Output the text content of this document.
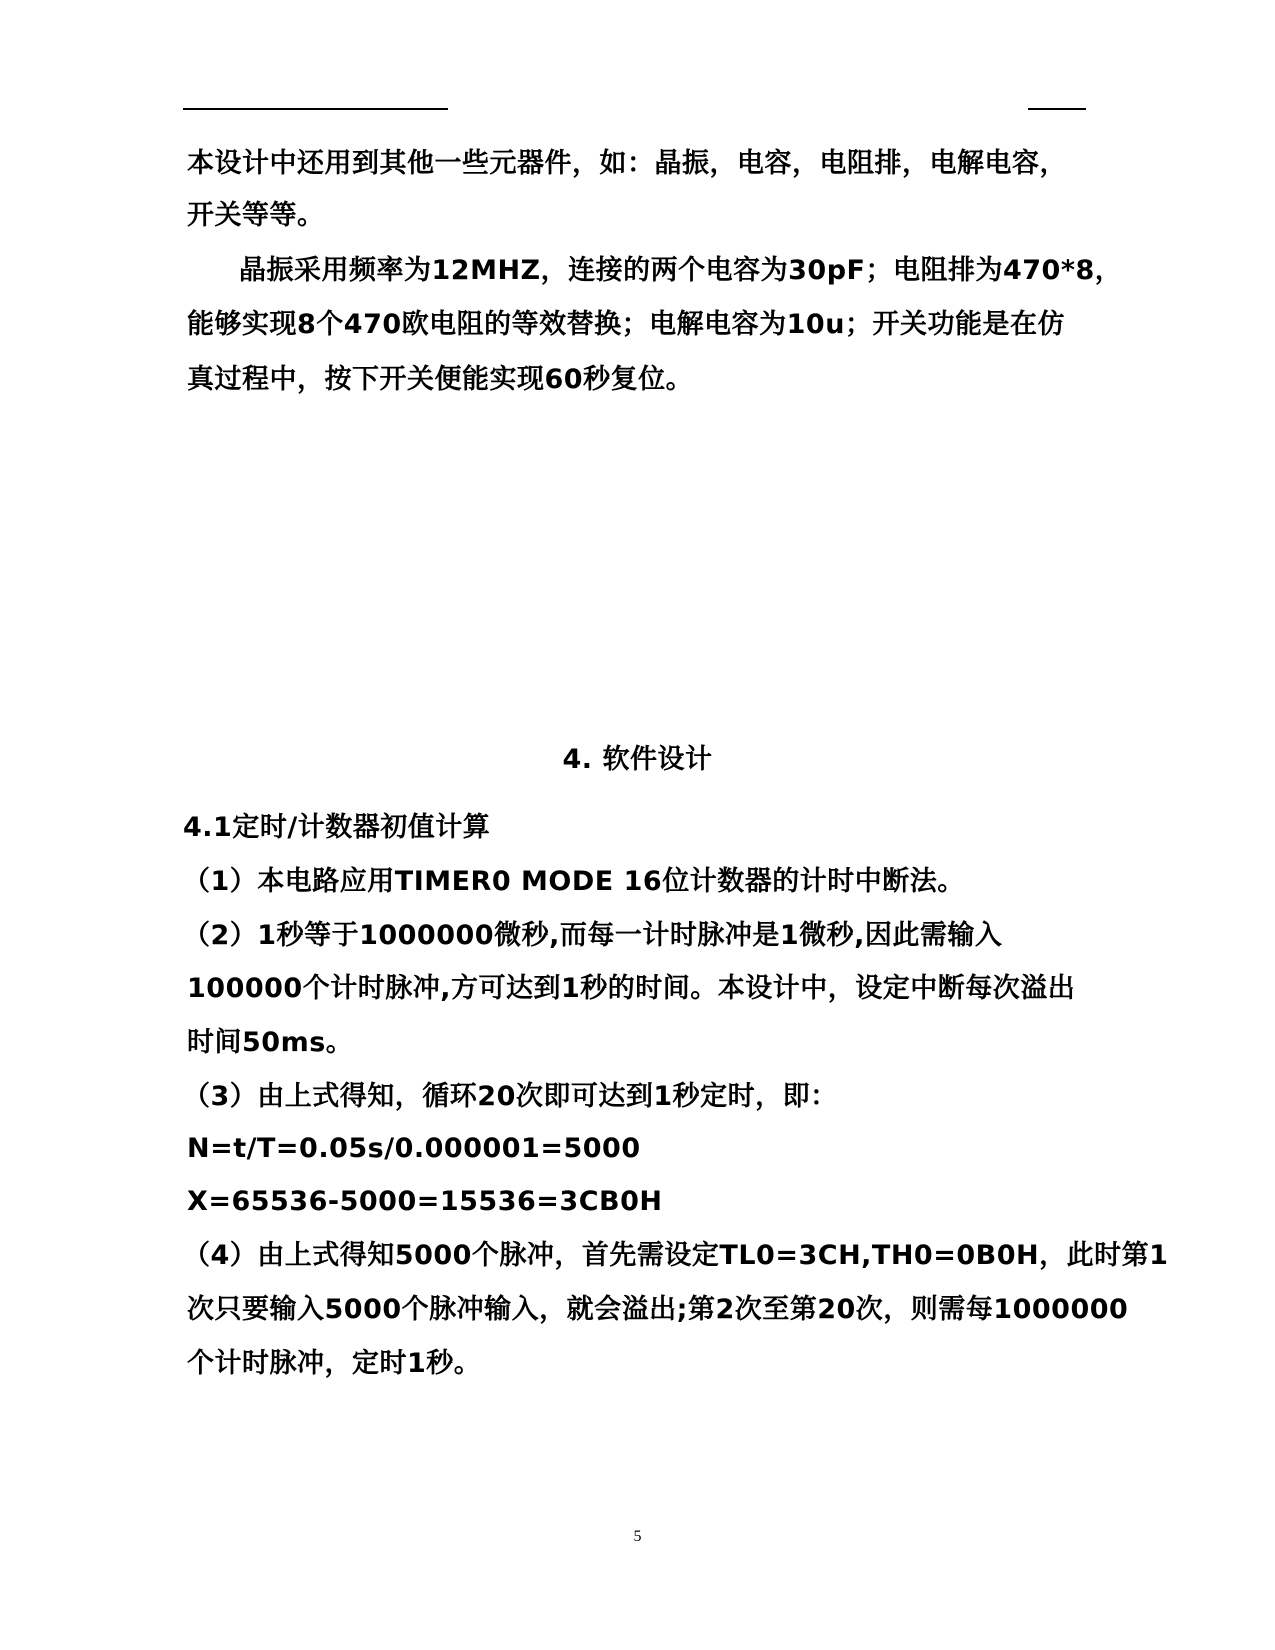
本设计中还用到其他一些元器件，如：晶振，电容，电阻排，电解电容，
开关等等。
晶振采用频率为12MHZ，连接的两个电容为30pF；电阻排为470*8，
能够实现8个470欧电阻的等效替换；电解电容为10u；开关功能是在仿
真过程中，按下开关便能实现60秒复位。
4. 软件设计
4.1定时/计数器初值计算
（1）本电路应用TIMER0 MODE 16位计数器的计时中断法。
（2）1秒等于1000000微秒,而每一计时脉冲是1微秒,因此需输入
100000个计时脉冲,方可达到1秒的时间。本设计中，设定中断每次溢出
时间50ms。
（3）由上式得知，循环20次即可达到1秒定时，即：
N=t/T=0.05s/0.000001=5000
X=65536-5000=15536=3CB0H
（4）由上式得知5000个脉冲，首先需设定TL0=3CH,TH0=0B0H，此时第1
次只要输入5000个脉冲输入，就会溢出;第2次至第20次，则需每1000000
个计时脉冲，定时1秒。
5
